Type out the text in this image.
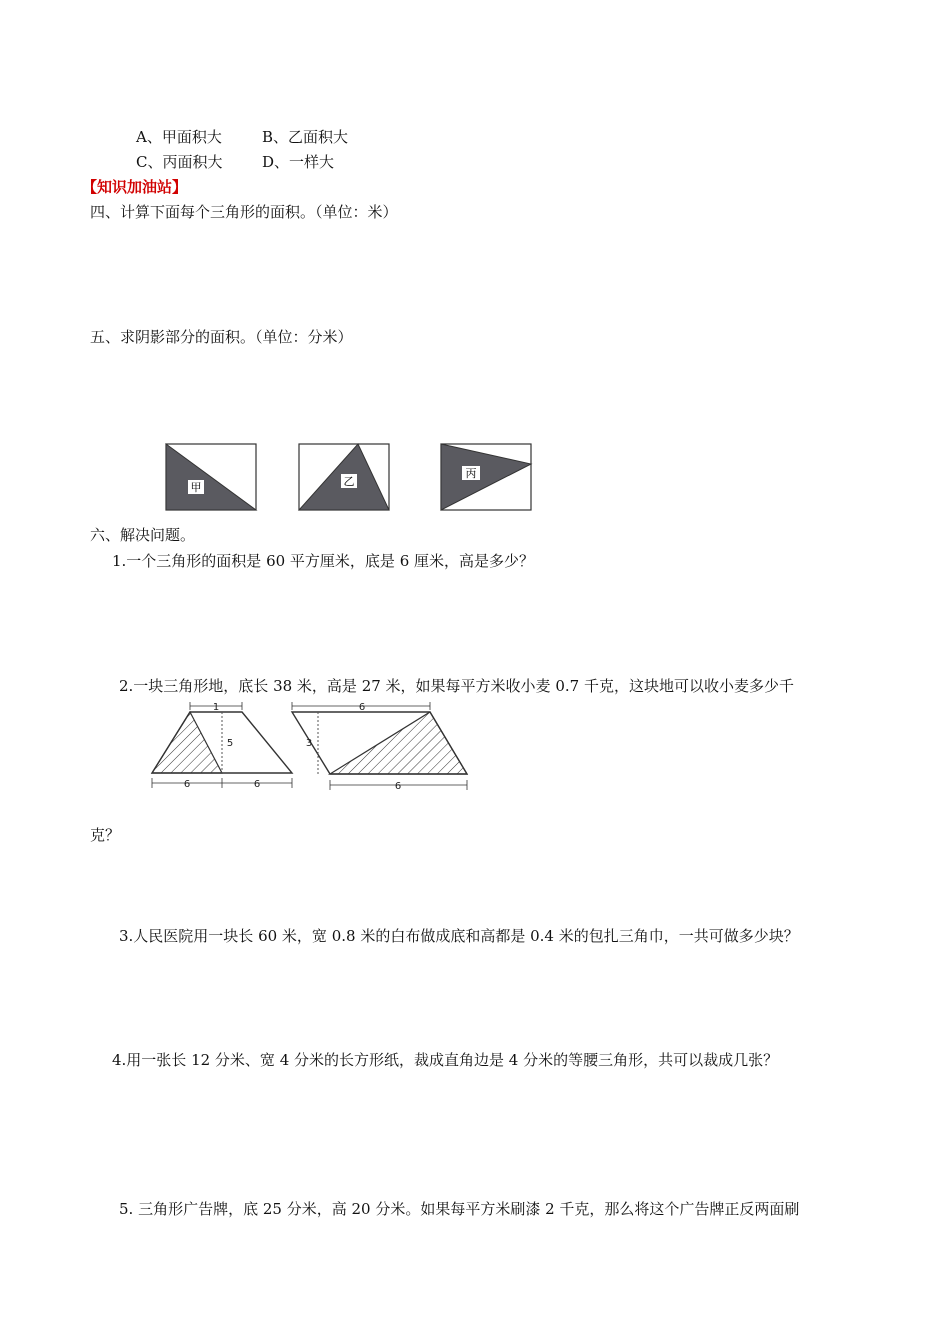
A、甲面积大	B、乙面积大
C、丙面积大	D、一样大
【知识加油站】
四、计算下面每个三角形的面积。（单位：米）
五、求阴影部分的面积。（单位：分米）
甲	乙
丙
六、解决问题。
1.一个三角形的面积是 60 平方厘米，底是 6 厘米，高是多少？
2.一块三角形地，底长 38 米，高是 27 米，如果每平方米收小麦 0.7 千克，这块地可以收小麦多少千
1
5
6	6
6
3
6
克？
3.人民医院用一块长 60 米，宽 0.8 米的白布做成底和高都是 0.4 米的包扎三角巾，一共可做多少块？
4.用一张长 12 分米、宽 4 分米的长方形纸，裁成直角边是 4 分米的等腰三角形，共可以裁成几张？
5. 三角形广告牌，底 25 分米，高 20 分米。如果每平方米刷漆 2 千克，那么将这个广告牌正反两面刷
